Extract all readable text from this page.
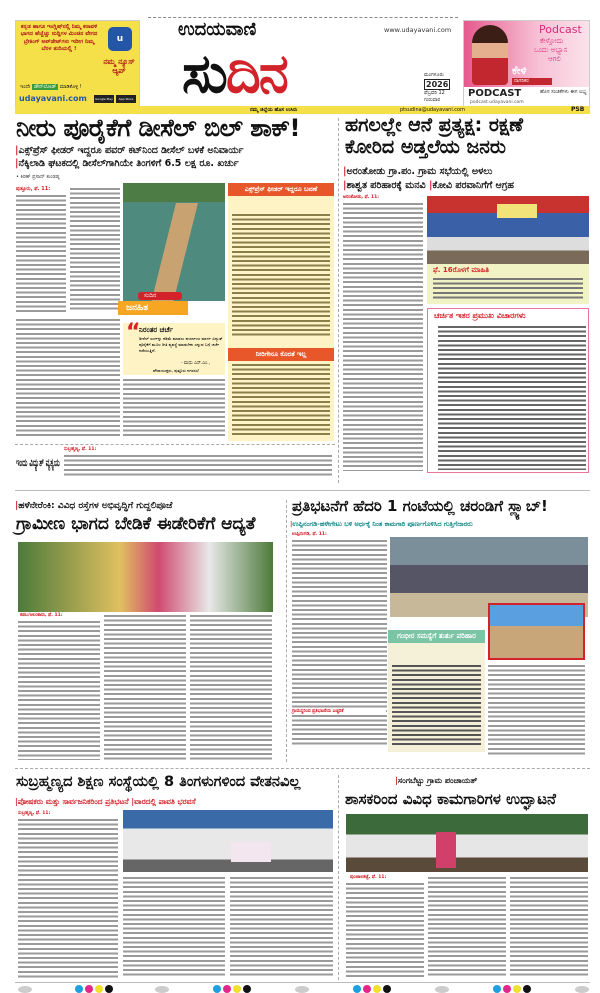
ಕನ್ನಡ ಹಾಗೂ ಇಂಗ್ಲಿಷ್‌ನಲ್ಲಿ ನಿಮ್ಮ ಕರಾವಳಿ ಭಾಗದ ಹೆಚ್ಚೆಚ್ಚು ಸುದ್ದಿಗಳ ಮಿಂಚಿನ ವೇಗದ ಬ್ರೇಕಿಂಗ್ ಅಪ್‌ಡೇಟ್‌ಗಳು ಇದೀಗ ನಿಮ್ಮ ಬೆರಳ ತುದಿಯಲ್ಲಿ !
u
ನಮ್ಮ ನ್ಯೂಸ್ ಆ್ಯಪ್
ಇಂದೇ ಡೌನ್‌ಲೋಡ್ ಮಾಡಿಕೊಳ್ಳಿ !
udayavani.com	Google Play	App Store
ಉದಯವಾಣಿ
ಸುದಿನ
www.udayavani.com
ಮಂಗಳೂರು
2026
ಫೆಬ್ರವರಿ 12
ಗುರುವಾರ
Podcast
ಕೇಳ್ತೋದು
ಒಂದು ಅಭ್ಯಾಸ
ಆಗಲಿ
ಕೇಳಿ
ನಾಗರಿಕರ
PODCAST
podcast.udayavani.com
ಹೊಸ ಸಂಚಿಕೆಗಳು ಈಗ ಲಭ್ಯ
ನಮ್ಮ ಜಿಲ್ಲೆಯ ಹೊಸ ಉಸಿರು	ptsudina@udayavani.com	PSB
ನೀರು ಪೂರೈಕೆಗೆ ಡೀಸೆಲ್ ಬಿಲ್ ಶಾಕ್!
|ಎಕ್ಸ್‌ಪ್ರೆಸ್ ಫೀಡರ್ ಇದ್ದರೂ ಪವರ್ ಕಟ್‌ನಿಂದ ಡೀಸೆಲ್ ಬಳಕೆ ಅನಿವಾರ್ಯ
|ನೆಕ್ಕಿಲಾಡಿ ಘಟಕದಲ್ಲಿ ಡೀಸೆಲ್‌ಗಾಗಿಯೇ ತಿಂಗಳಿಗೆ 6.5 ಲಕ್ಷ ರೂ. ಖರ್ಚು
• ಕಿರಣ್ ಪ್ರಸಾದ್ ಕುಂಡಡ್ಕ
ಪುತ್ತೂರು, ಫೆ. 11:
ಸುದಿನ
ಜನಹಿತ
“
ನಿರಂತರ ಚರ್ಚೆ
ಡೀಸೆಲ್ ಖರ್ಚನ್ನು ಕಡಿಮೆ ಮಾಡಲು ಪರ್ಯಾಯ ಮಾರ್ಗ ವಿದ್ಯುತ್ ಪೂರೈಕೆಗೆ ಮೂಲ ರೀತಿ ವ್ಯವಸ್ಥೆ ಮಾಡಬೇಕು ಎನ್ನುವ ಬಗ್ಗೆ ಚರ್ಚೆ ನಡೆಯುತ್ತಿದೆ.
- ಮಧು ಎಸ್.ಎಂ.,
ಪೌರಾಯುಕ್ತರು, ಪುತ್ತೂರು ನಗರಸಭೆ
ಎಕ್ಸ್‌ಪ್ರೆಸ್ ಫೀಡರ್ ಇದ್ದರೂ ಬವಣೆ
ನೀರಿಗೇನೂ ಕೊರತೆ ಇಲ್ಲ
ಇಂದು ವಿದ್ಯುತ್ ವ್ಯತ್ಯಯ
ಸುಬ್ರಹ್ಮಣ್ಯ, ಫೆ. 11:
ಹಗಲಲ್ಲೇ ಆನೆ ಪ್ರತ್ಯಕ್ಷ: ರಕ್ಷಣೆ
ಕೋರಿದ ಅಡ್ತಲೆಯ ಜನರು
|ಅರಂತೋಡು ಗ್ರಾ.ಪಂ. ಗ್ರಾಮ ಸಭೆಯಲ್ಲಿ ಅಳಲು
|ಶಾಶ್ವತ ಪರಿಹಾರಕ್ಕೆ ಮನವಿ |ಕೋವಿ ಪರವಾನಿಗೆಗೆ ಆಗ್ರಹ
ಅರಂತೋಡು, ಫೆ. 11:
ಫೆ. 16ರೊಳಗೆ ಮಾಹಿತಿ
ಚರ್ಚಿತ ಇತರ ಪ್ರಮುಖ ವಿಚಾರಗಳು
|ಹಳೆನೇರೆಂಕಿ: ವಿವಿಧ ರಸ್ತೆಗಳ ಅಭಿವೃದ್ಧಿಗೆ ಗುದ್ದಲಿಪೂಜೆ
ಗ್ರಾಮೀಣ ಭಾಗದ ಬೇಡಿಕೆ ಈಡೇರಿಕೆಗೆ ಆದ್ಯತೆ
ಕಡಬ/ಆಲಂಕಾರು, ಫೆ. 11:
ಪ್ರತಿಭಟನೆಗೆ ಹೆದರಿ 1 ಗಂಟೆಯಲ್ಲಿ ಚರಂಡಿಗೆ ಸ್ಲ್ಯಾಬ್!
|ಉಪ್ಪಿನಂಗಡಿ-ಹಳೇಗೇಟು ಬಳಿ ಅರ್ಧಕ್ಕೆ ನಿಂತ ಕಾಮಗಾರಿ ಪೂರ್ಣಗೊಳಿಸಿದ ಗುತ್ತಿಗೆದಾರರು
ಉಪ್ಪಿನಂಗಡಿ, ಫೆ. 11:
ಗ್ರಾಮಸ್ಥರಿಂದ ಪ್ರತಿಭಟನೆಯ ಎಚ್ಚರಿಕೆ
ಗಂಭೀರ ಸಮಸ್ಯೆಗೆ ತುರ್ತು ಪರಿಹಾರ
ಸುಬ್ರಹ್ಮಣ್ಯದ ಶಿಕ್ಷಣ ಸಂಸ್ಥೆಯಲ್ಲಿ 8 ತಿಂಗಳುಗಳಿಂದ ವೇತನವಿಲ್ಲ
|ಪೋಷಕರು ಮತ್ತು ಸಾರ್ವಜನಿಕರಿಂದ ಪ್ರತಿಭಟನೆ |ವಾರದಲ್ಲಿ ಪಾವತಿ ಭರವಸೆ
ಸುಬ್ರಹ್ಮಣ್ಯ, ಫೆ. 11:
|ಸಂಗಬೆಟ್ಟು ಗ್ರಾಮ ಪಂಚಾಯತ್
ಶಾಸಕರಿಂದ ವಿವಿಧ ಕಾಮಗಾರಿಗಳ ಉದ್ಘಾಟನೆ
ಪುಂಜಾಲಕಟ್ಟೆ, ಫೆ. 11:
